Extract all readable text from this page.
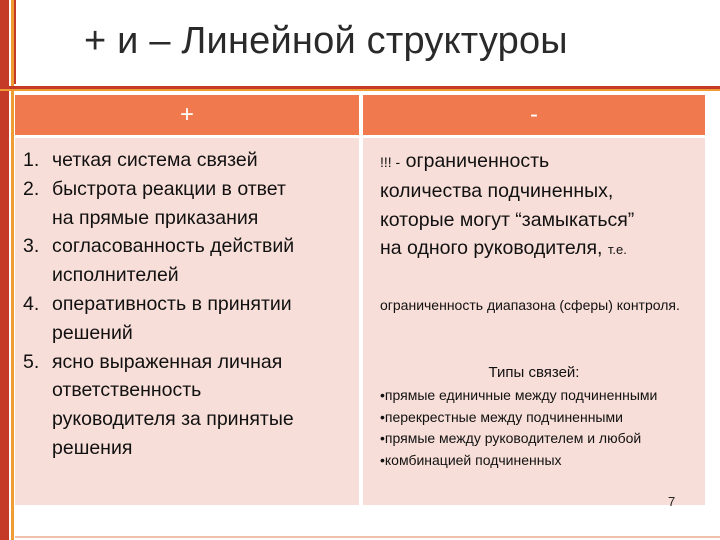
+ и – Линейной структуроы
+	-
1. четкая система связей
2. быстрота реакции в ответ
на прямые приказания
3. согласованность действий
исполнителей
4. оперативность в принятии
решений
5. ясно выраженная личная
ответственность
руководителя за принятые
решения
!!! - ограниченность
количества подчиненных,
которые могут “замыкаться”
на одного руководителя, т.е.
ограниченность диапазона (сферы) контроля.
Типы связей:
•прямые единичные между подчиненными
•перекрестные между подчиненными
•прямые между руководителем и любой
•комбинацией подчиненных
7
